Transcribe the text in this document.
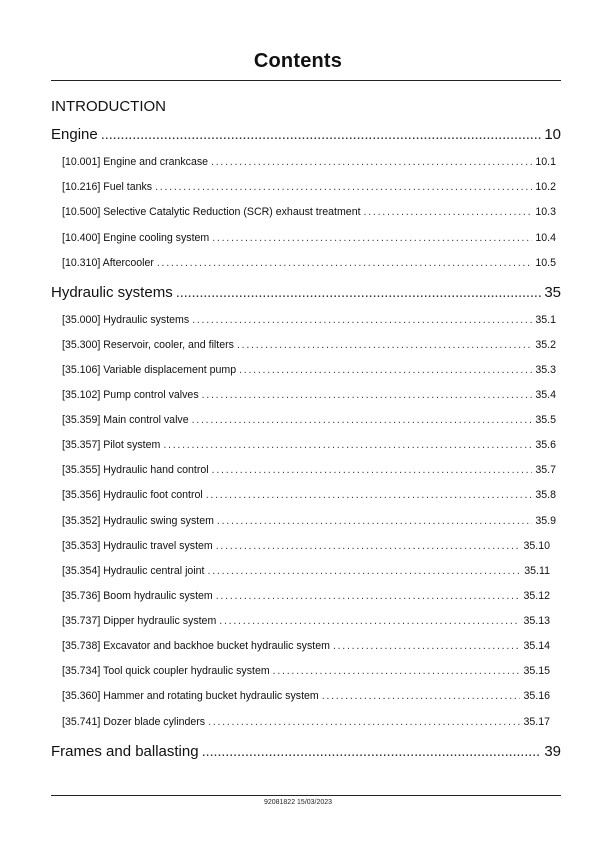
Contents
INTRODUCTION
Engine . . .	10
[10.001] Engine and crankcase . . .	10.1
[10.216] Fuel tanks . . .	10.2
[10.500] Selective Catalytic Reduction (SCR) exhaust treatment . . .	10.3
[10.400] Engine cooling system . . .	10.4
[10.310] Aftercooler . . .	10.5
Hydraulic systems . . .	35
[35.000] Hydraulic systems . . .	35.1
[35.300] Reservoir, cooler, and filters . . .	35.2
[35.106] Variable displacement pump . . .	35.3
[35.102] Pump control valves . . .	35.4
[35.359] Main control valve . . .	35.5
[35.357] Pilot system . . .	35.6
[35.355] Hydraulic hand control . . .	35.7
[35.356] Hydraulic foot control . . .	35.8
[35.352] Hydraulic swing system . . .	35.9
[35.353] Hydraulic travel system . . .	35.10
[35.354] Hydraulic central joint . . .	35.11
[35.736] Boom hydraulic system . . .	35.12
[35.737] Dipper hydraulic system . . .	35.13
[35.738] Excavator and backhoe bucket hydraulic system . . .	35.14
[35.734] Tool quick coupler hydraulic system . . .	35.15
[35.360] Hammer and rotating bucket hydraulic system . . .	35.16
[35.741] Dozer blade cylinders . . .	35.17
Frames and ballasting . . .	39
92081822 15/03/2023
